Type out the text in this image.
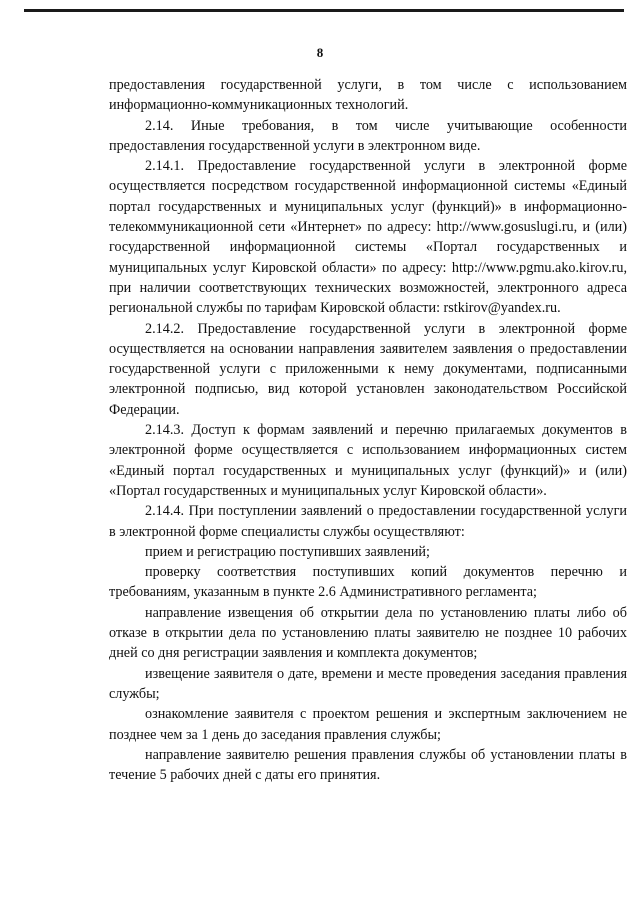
8

предоставления государственной услуги, в том числе с использованием информационно-коммуникационных технологий.

2.14. Иные требования, в том числе учитывающие особенности предоставления государственной услуги в электронном виде.

2.14.1. Предоставление государственной услуги в электронной форме осуществляется посредством государственной информационной системы «Единый портал государственных и муниципальных услуг (функций)» в информационно-телекоммуникационной сети «Интернет» по адресу: http://www.gosuslugi.ru, и (или) государственной информационной системы «Портал государственных и муниципальных услуг Кировской области» по адресу: http://www.pgmu.ako.kirov.ru, при наличии соответствующих технических возможностей, электронного адреса региональной службы по тарифам Кировской области: rstkirov@yandex.ru.

2.14.2. Предоставление государственной услуги в электронной форме осуществляется на основании направления заявителем заявления о предоставлении государственной услуги с приложенными к нему документами, подписанными электронной подписью, вид которой установлен законодательством Российской Федерации.

2.14.3. Доступ к формам заявлений и перечню прилагаемых документов в электронной форме осуществляется с использованием информационных систем «Единый портал государственных и муниципальных услуг (функций)» и (или) «Портал государственных и муниципальных услуг Кировской области».

2.14.4. При поступлении заявлений о предоставлении государственной услуги в электронной форме специалисты службы осуществляют:

прием и регистрацию поступивших заявлений;

проверку соответствия поступивших копий документов перечню и требованиям, указанным в пункте 2.6 Административного регламента;

направление извещения об открытии дела по установлению платы либо об отказе в открытии дела по установлению платы заявителю не позднее 10 рабочих дней со дня регистрации заявления и комплекта документов;

извещение заявителя о дате, времени и месте проведения заседания правления службы;

ознакомление заявителя с проектом решения и экспертным заключением не позднее чем за 1 день до заседания правления службы;

направление заявителю решения правления службы об установлении платы в течение 5 рабочих дней с даты его принятия.
